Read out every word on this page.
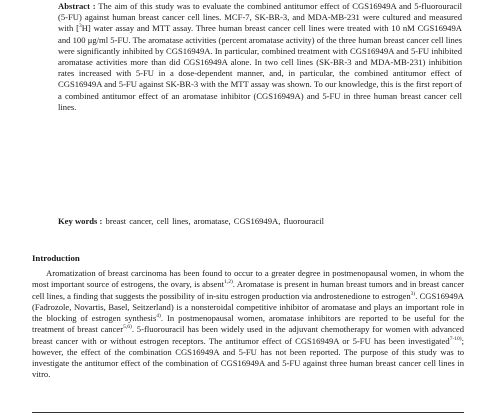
Abstract : The aim of this study was to evaluate the combined antitumor effect of CGS16949A and 5-fluorouracil (5-FU) against human breast cancer cell lines. MCF-7, SK-BR-3, and MDA-MB-231 were cultured and measured with [$^3$H] water assay and MTT assay. Three human breast cancer cell lines were treated with 10 nM CGS16949A and 100 μg/ml 5-FU. The aromatase activities (percent aromatase activity) of the three human breast cancer cell lines were significantly inhibited by CGS16949A. In particular, combined treatment with CGS16949A and 5-FU inhibited aromatase activities more than did CGS16949A alone. In two cell lines (SK-BR-3 and MDA-MB-231) inhibition rates increased with 5-FU in a dose-dependent manner, and, in particular, the combined antitumor effect of CGS16949A and 5-FU against SK-BR-3 with the MTT assay was shown. To our knowledge, this is the first report of a combined antitumor effect of an aromatase inhibitor (CGS16949A) and 5-FU in three human breast cancer cell lines.
Key words : breast cancer, cell lines, aromatase, CGS16949A, fluorouracil
Introduction

Aromatization of breast carcinoma has been found to occur to a greater degree in postmenopausal women, in whom the most important source of estrogens, the ovary, is absent$^{1,2)}$. Aromatase is present in human breast tumors and in breast cancer cell lines, a finding that suggests the possibility of in-situ estrogen production via androstenedione to estrogen$^{3)}$. CGS16949A (Fadrozole, Novartis, Basel, Seitzerland) is a nonsteroidal competitive inhibitor of aromatase and plays an important role in the blocking of estrogen synthesis$^{4)}$. In postmenopausal women, aromatase inhibitors are reported to be useful for the treatment of breast cancer$^{5,6)}$. 5-fluorouracil has been widely used in the adjuvant chemotherapy for women with advanced breast cancer with or without estrogen receptors. The antitumor effect of CGS16949A or 5-FU has been investigated$^{7-10)}$; however, the effect of the combination CGS16949A and 5-FU has not been reported. The purpose of this study was to investigate the antitumor effect of the combination of CGS16949A and 5-FU against three human breast cancer cell lines in vitro.
